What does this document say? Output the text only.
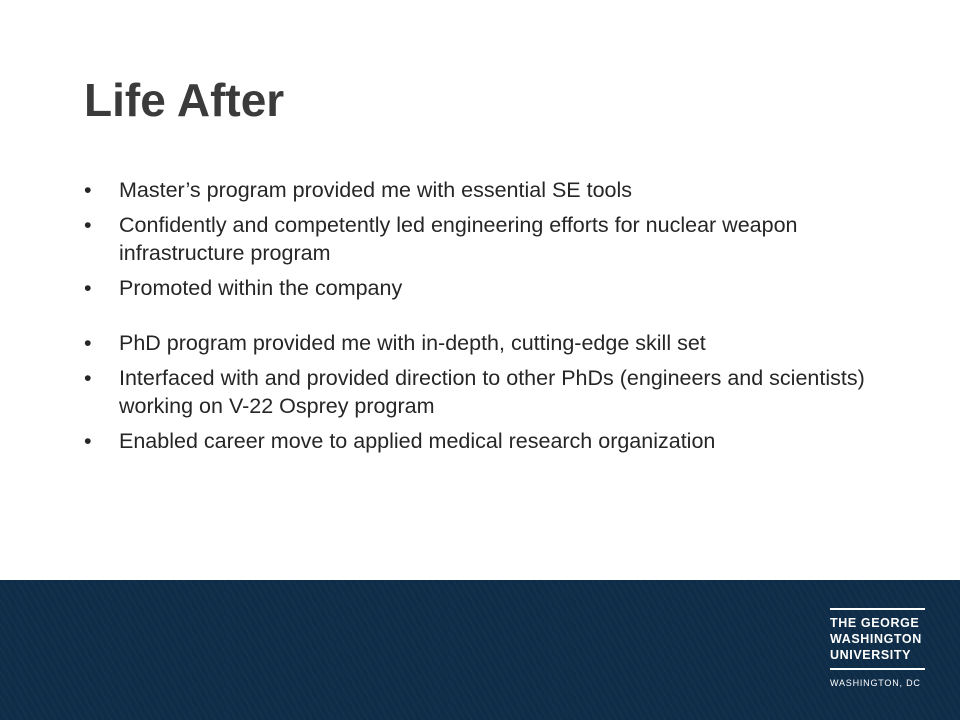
Life After
• Master’s program provided me with essential SE tools
• Confidently and competently led engineering efforts for nuclear weapon infrastructure program
• Promoted within the company
• PhD program provided me with in-depth, cutting-edge skill set
• Interfaced with and provided direction to other PhDs (engineers and scientists) working on V-22 Osprey program
• Enabled career move to applied medical research organization
THE GEORGE
WASHINGTON
UNIVERSITY
WASHINGTON, DC
